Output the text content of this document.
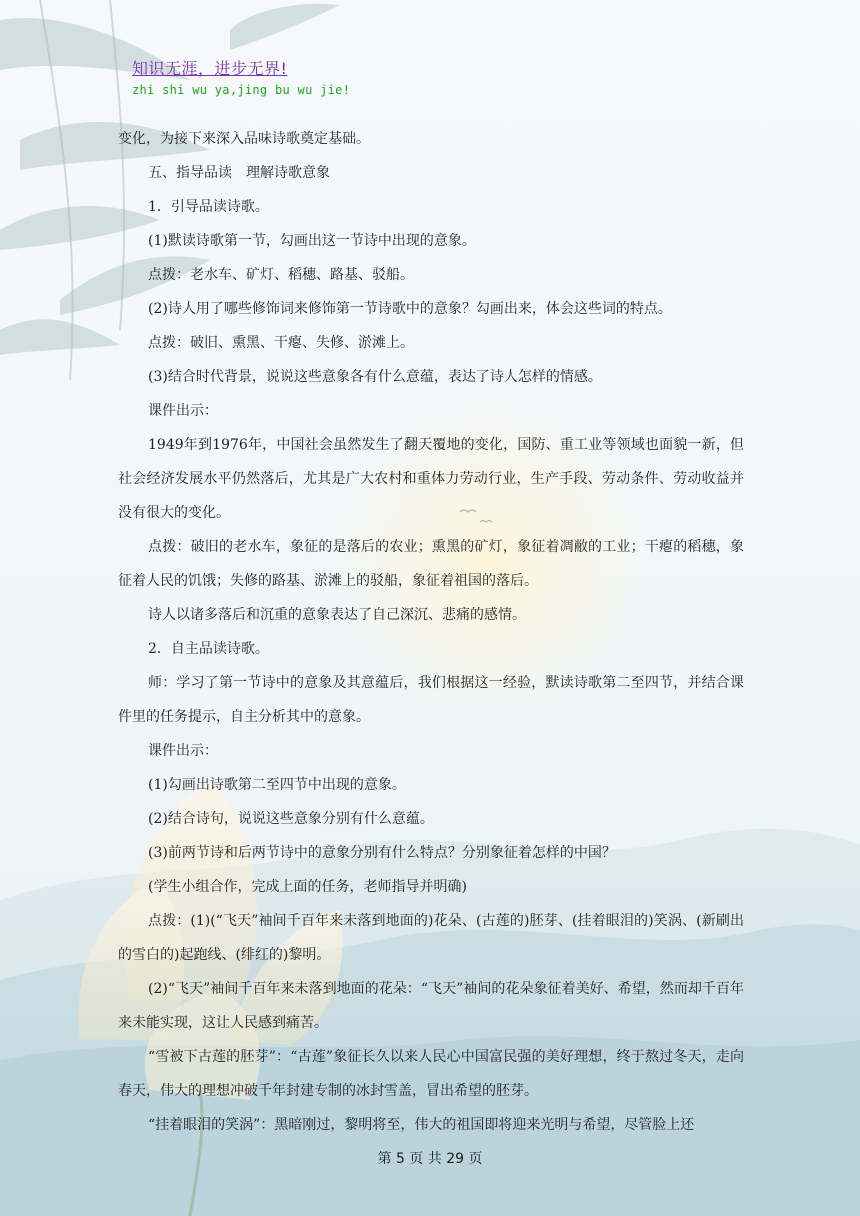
知识无涯，进步无界!
zhi shi wu ya,jing bu wu jie!

变化，为接下来深入品味诗歌奠定基础。

五、指导品读　理解诗歌意象

1．引导品读诗歌。

(1)默读诗歌第一节，勾画出这一节诗中出现的意象。

点拨：老水车、矿灯、稻穗、路基、驳船。

(2)诗人用了哪些修饰词来修饰第一节诗歌中的意象？勾画出来，体会这些词的特点。

点拨：破旧、熏黑、干瘪、失修、淤滩上。

(3)结合时代背景，说说这些意象各有什么意蕴，表达了诗人怎样的情感。

课件出示：

1949年到1976年，中国社会虽然发生了翻天覆地的变化，国防、重工业等领域也面貌一新，但社会经济发展水平仍然落后，尤其是广大农村和重体力劳动行业，生产手段、劳动条件、劳动收益并没有很大的变化。

点拨：破旧的老水车，象征的是落后的农业；熏黑的矿灯，象征着凋敝的工业；干瘪的稻穗，象征着人民的饥饿；失修的路基、淤滩上的驳船，象征着祖国的落后。

诗人以诸多落后和沉重的意象表达了自己深沉、悲痛的感情。

2．自主品读诗歌。

师：学习了第一节诗中的意象及其意蕴后，我们根据这一经验，默读诗歌第二至四节，并结合课件里的任务提示，自主分析其中的意象。

课件出示：

(1)勾画出诗歌第二至四节中出现的意象。

(2)结合诗句，说说这些意象分别有什么意蕴。

(3)前两节诗和后两节诗中的意象分别有什么特点？分别象征着怎样的中国？

(学生小组合作，完成上面的任务，老师指导并明确)

点拨：(1)(“飞天”袖间千百年来未落到地面的)花朵、(古莲的)胚芽、(挂着眼泪的)笑涡、(新刷出的雪白的)起跑线、(绯红的)黎明。

(2)“飞天”袖间千百年来未落到地面的花朵：“飞天”袖间的花朵象征着美好、希望，然而却千百年来未能实现，这让人民感到痛苦。

“雪被下古莲的胚芽”：“古莲”象征长久以来人民心中国富民强的美好理想，终于熬过冬天，走向春天，伟大的理想冲破千年封建专制的冰封雪盖，冒出希望的胚芽。

“挂着眼泪的笑涡”：黑暗刚过，黎明将至，伟大的祖国即将迎来光明与希望，尽管脸上还

第 5 页 共 29 页
